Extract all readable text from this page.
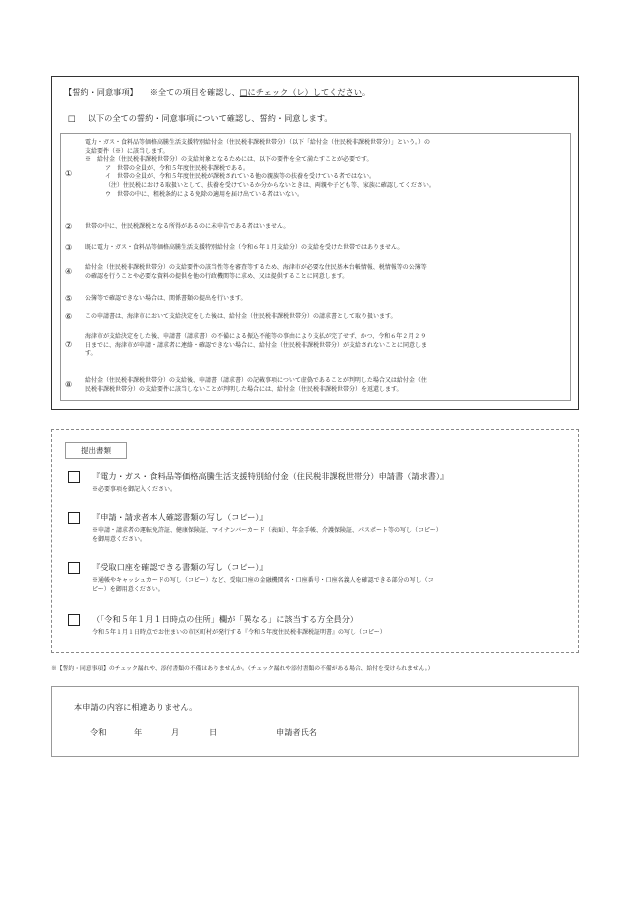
【誓約・同意事項】 ※全ての項目を確認し、□にチェック（レ）してください。
□ 以下の全ての誓約・同意事項について確認し、誓約・同意します。
①
電力・ガス・食料品等価格高騰生活支援特別給付金（住民税非課税世帯分）（以下「給付金（住民税非課税世帯分）」という。）の
支給要件（※）に該当します。
※　給付金（住民税非課税世帯分）の支給対象となるためには、以下の要件を全て満たすことが必要です。
ア　世帯の全員が、令和５年度住民税非課税である。
イ　世帯の全員が、令和５年度住民税が課税されている他の親族等の扶養を受けている者ではない。
（注）住民税における取扱いとして、扶養を受けているか分からないときは、両親や子ども等、家族に確認してください。
ウ　世帯の中に、租税条約による免除の適用を届け出ている者はいない。
② 世帯の中に、住民税課税となる所得があるのに未申告である者はいません。
③ 既に電力・ガス・食料品等価格高騰生活支援特別給付金（令和６年１月支給分）の支給を受けた世帯ではありません。
④ 給付金（住民税非課税世帯分）の支給要件の該当性等を審査等するため、海津市が必要な住民基本台帳情報、税情報等の公簿等
の確認を行うことや必要な資料の提供を他の行政機関等に求め、又は提供することに同意します。
⑤ 公簿等で確認できない場合は、関係書類の提出を行います。
⑥ この申請書は、海津市において支給決定をした後は、給付金（住民税非課税世帯分）の請求書として取り扱います。
⑦
海津市が支給決定をした後、申請書（請求書）の不備による振込不能等の事由により支払が完了せず、かつ、令和６年２月２９
日までに、海津市が申請・請求者に連絡・確認できない場合に、給付金（住民税非課税世帯分）が支給されないことに同意しま
す。
⑧ 給付金（住民税非課税世帯分）の支給後、申請書（請求書）の記載事項について虚偽であることが判明した場合又は給付金（住
民税非課税世帯分）の支給要件に該当しないことが判明した場合には、給付金（住民税非課税世帯分）を返還します。
提出書類
『電力・ガス・食料品等価格高騰生活支援特別給付金（住民税非課税世帯分）申請書（請求書）』
※必要事項を御記入ください。
『申請・請求者本人確認書類の写し（コピー）』
※申請・請求者の運転免許証、健康保険証、マイナンバーカード（表面）、年金手帳、介護保険証、パスポート等の写し（コピー）
を御用意ください。
『受取口座を確認できる書類の写し（コピー）』
※通帳やキャッシュカードの写し（コピー）など、受取口座の金融機関名・口座番号・口座名義人を確認できる部分の写し（コ
ピー）を御用意ください。
（「令和５年１月１日時点の住所」欄が「異なる」に該当する方全員分）
令和５年１月１日時点でお住まいの市区町村が発行する『令和５年度住民税非課税証明書』の写し（コピー）
※【誓約・同意事項】のチェック漏れや、添付書類の不備はありませんか。（チェック漏れや添付書類の不備がある場合、給付を受けられません。）
本申請の内容に相違ありません。
令和	年	月	日	申請者氏名
